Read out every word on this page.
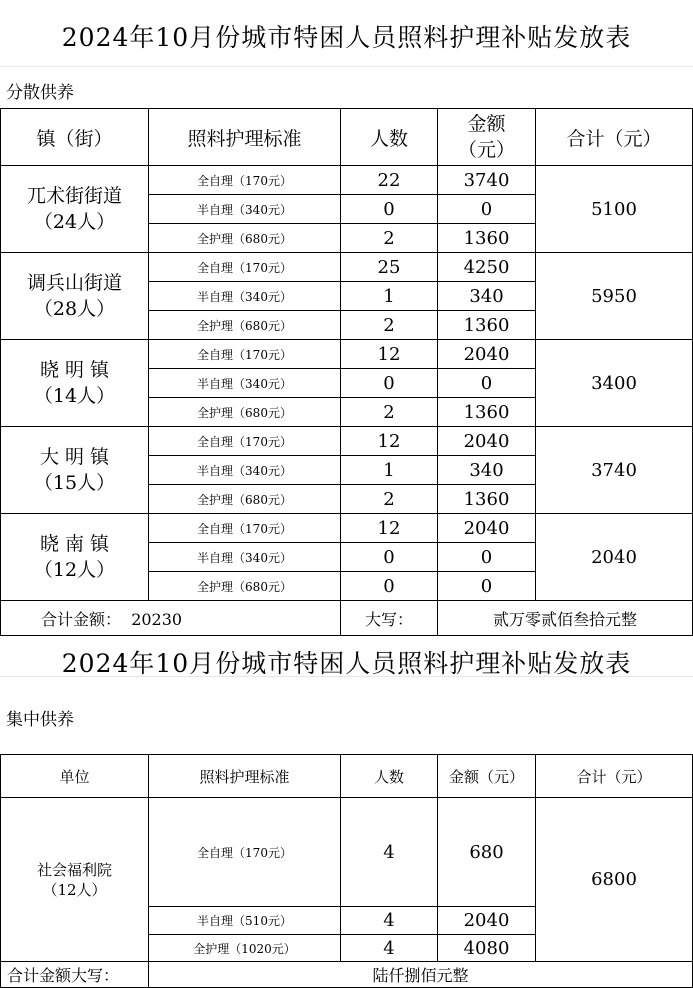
2024年10月份城市特困人员照料护理补贴发放表
分散供养
镇（街）	照料护理标准	人数	金额（元）	合计（元）
兀术街街道
（24人）	全自理（170元）	22	3740	5100
	半自理（340元）	0	0	
	全护理（680元）	2	1360	
调兵山街道
（28人）	全自理（170元）	25	4250	5950
	半自理（340元）	1	340	
	全护理（680元）	2	1360	
晓 明 镇
（14人）	全自理（170元）	12	2040	3400
	半自理（340元）	0	0	
	全护理（680元）	2	1360	
大 明 镇
（15人）	全自理（170元）	12	2040	3740
	半自理（340元）	1	340	
	全护理（680元）	2	1360	
晓 南 镇
（12人）	全自理（170元）	12	2040	2040
	半自理（340元）	0	0	
	全护理（680元）	0	0	
合计金额： 20230		大写：	贰万零贰佰叁拾元整	
2024年10月份城市特困人员照料护理补贴发放表
集中供养
单位	照料护理标准	人数	金额（元）	合计（元）
社会福利院
（12人）	全自理（170元）	4	680	6800
	半自理（510元）	4	2040	
	全护理（1020元）	4	4080	
合计金额大写：	陆仟捌佰元整			
